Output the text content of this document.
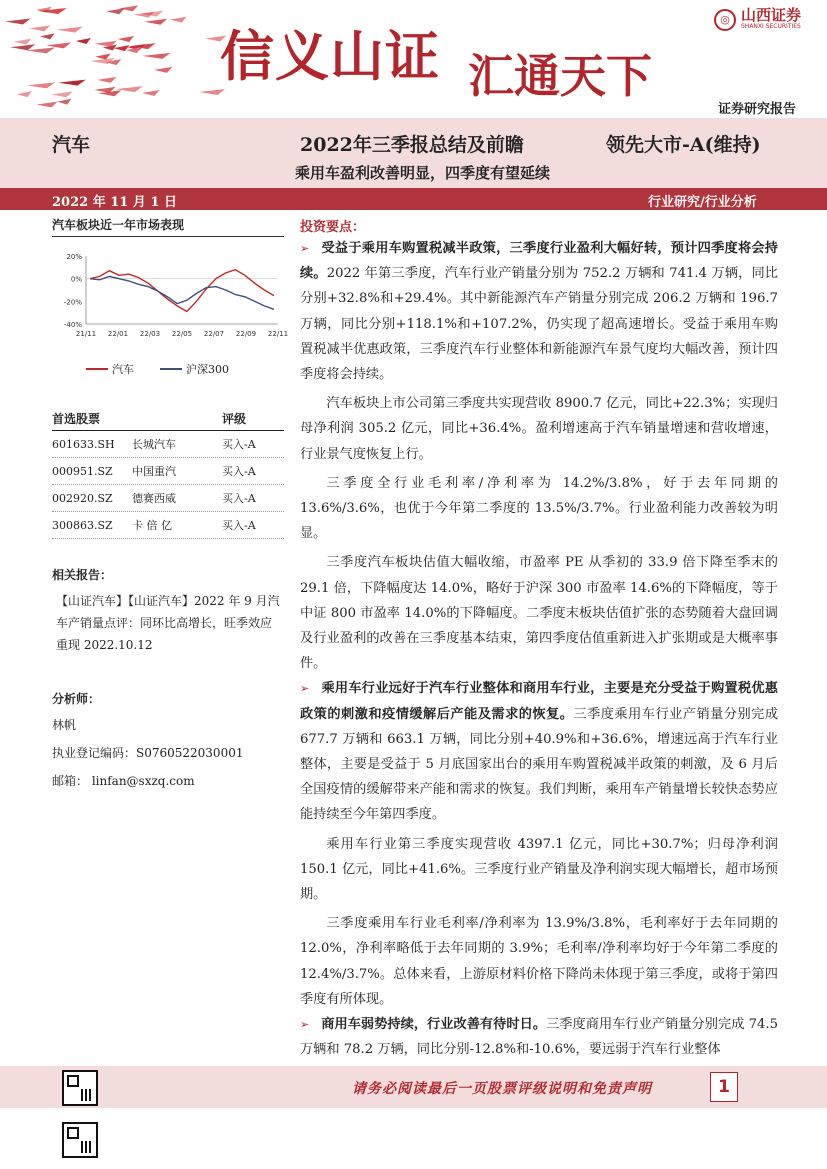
信义山证 汇通天下
◎ 山西证券
SHANXI SECURITIES
证券研究报告
汽车	2022年三季报总结及前瞻	领先大市-A(维持)
乘用车盈利改善明显，四季度有望延续
2022 年 11 月 1 日	行业研究/行业分析
汽车板块近一年市场表现
20%
0%
-20%
-40%
21/11 22/01 22/03 22/05 22/07 22/09 22/11
汽车	沪深300
首选股票	评级
601633.SH	长城汽车	买入-A
000951.SZ	中国重汽	买入-A
002920.SZ	德赛西威	买入-A
300863.SZ	卡 倍 亿	买入-A
相关报告：
【山证汽车】【山证汽车】2022 年 9 月汽车产销量点评：同环比高增长，旺季效应重现 2022.10.12
分析师：
林帆
执业登记编码：S0760522030001
邮箱： linfan@sxzq.com
投资要点：

➢ 受益于乘用车购置税减半政策，三季度行业盈利大幅好转，预计四季度将会持续。2022 年第三季度，汽车行业产销量分别为 752.2 万辆和 741.4 万辆，同比分别+32.8%和+29.4%。其中新能源汽车产销量分别完成 206.2 万辆和 196.7 万辆，同比分别+118.1%和+107.2%，仍实现了超高速增长。受益于乘用车购置税减半优惠政策，三季度汽车行业整体和新能源汽车景气度均大幅改善，预计四季度将会持续。

汽车板块上市公司第三季度共实现营收 8900.7 亿元，同比+22.3%；实现归母净利润 305.2 亿元，同比+36.4%。盈利增速高于汽车销量增速和营收增速，行业景气度恢复上行。

三季度全行业毛利率/净利率为 14.2%/3.8%，好于去年同期的 13.6%/3.6%，也优于今年第二季度的 13.5%/3.7%。行业盈利能力改善较为明显。

三季度汽车板块估值大幅收缩，市盈率 PE 从季初的 33.9 倍下降至季末的 29.1 倍，下降幅度达 14.0%，略好于沪深 300 市盈率 14.6%的下降幅度，等于中证 800 市盈率 14.0%的下降幅度。二季度末板块估值扩张的态势随着大盘回调及行业盈利的改善在三季度基本结束，第四季度估值重新进入扩张期或是大概率事件。

➢ 乘用车行业远好于汽车行业整体和商用车行业，主要是充分受益于购置税优惠政策的刺激和疫情缓解后产能及需求的恢复。三季度乘用车行业产销量分别完成 677.7 万辆和 663.1 万辆，同比分别+40.9%和+36.6%，增速远高于汽车行业整体，主要是受益于 5 月底国家出台的乘用车购置税减半政策的刺激，及 6 月后全国疫情的缓解带来产能和需求的恢复。我们判断，乘用车产销量增长较快态势应能持续至今年第四季度。

乘用车行业第三季度实现营收 4397.1 亿元，同比+30.7%；归母净利润 150.1 亿元，同比+41.6%。三季度行业产销量及净利润实现大幅增长，超市场预期。

三季度乘用车行业毛利率/净利率为 13.9%/3.8%，毛利率好于去年同期的 12.0%，净利率略低于去年同期的 3.9%；毛利率/净利率均好于今年第二季度的 12.4%/3.7%。总体来看，上游原材料价格下降尚未体现于第三季度，或将于第四季度有所体现。

➢ 商用车弱势持续，行业改善有待时日。三季度商用车行业产销量分别完成 74.5 万辆和 78.2 万辆，同比分别-12.8%和-10.6%，要远弱于汽车行业整体

请务必阅读最后一页股票评级说明和免责声明	1
